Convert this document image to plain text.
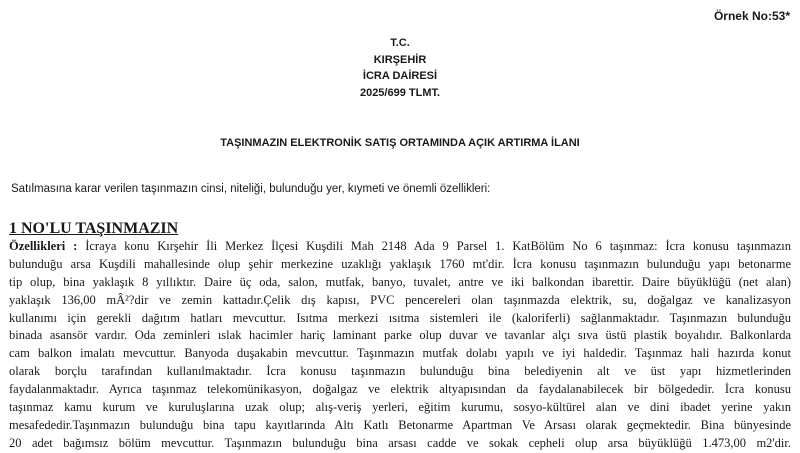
Örnek No:53*
T.C.
KIRŞEHİR
İCRA DAİRESİ
2025/699 TLMT.
TAŞINMAZIN ELEKTRONİK SATIŞ ORTAMINDA AÇIK ARTIRMA İLANI
Satılmasına karar verilen taşınmazın cinsi, niteliği, bulunduğu yer, kıymeti ve önemli özellikleri:
1 NO'LU TAŞINMAZIN
Özellikleri : İcraya konu Kırşehir İli Merkez İlçesi Kuşdili Mah 2148 Ada 9 Parsel 1. KatBölüm No 6 taşınmaz: İcra konusu taşınmazın
bulunduğu arsa Kuşdili mahallesinde olup şehir merkezine uzaklığı yaklaşık 1760 mt'dir. İcra konusu taşınmazın bulunduğu yapı betonarme
tip olup, bina yaklaşık 8 yıllıktır. Daire üç oda, salon, mutfak, banyo, tuvalet, antre ve iki balkondan ibarettir. Daire büyüklüğü (net alan)
yaklaşık 136,00 mÂ²?dir ve zemin kattadır.Çelik dış kapısı, PVC pencereleri olan taşınmazda elektrik, su, doğalgaz ve kanalizasyon
kullanımı için gerekli dağıtım hatları mevcuttur. Isıtma merkezi ısıtma sistemleri ile (kaloriferli) sağlanmaktadır. Taşınmazın bulunduğu
binada asansör vardır. Oda zeminleri ıslak hacimler hariç laminant parke olup duvar ve tavanlar alçı sıva üstü plastik boyalıdır. Balkonlarda
cam balkon imalatı mevcuttur. Banyoda duşakabin mevcuttur. Taşınmazın mutfak dolabı yapılı ve iyi haldedir. Taşınmaz hali hazırda konut
olarak borçlu tarafından kullanılmaktadır. İcra konusu taşınmazın bulunduğu bina belediyenin alt ve üst yapı hizmetlerinden
faydalanmaktadır. Ayrıca taşınmaz telekomünikasyon, doğalgaz ve elektrik altyapısından da faydalanabilecek bir bölgededir. İcra konusu
taşınmaz kamu kurum ve kuruluşlarına uzak olup; alış-veriş yerleri, eğitim kurumu, sosyo-kültürel alan ve dini ibadet yerine yakın
mesafededir.Taşınmazın bulunduğu bina tapu kayıtlarında Altı Katlı Betonarme Apartman Ve Arsası olarak geçmektedir. Bina bünyesinde
20 adet bağımsız bölüm mevcuttur. Taşınmazın bulunduğu bina arsası cadde ve sokak cepheli olup arsa büyüklüğü 1.473,00 m2'dir.
